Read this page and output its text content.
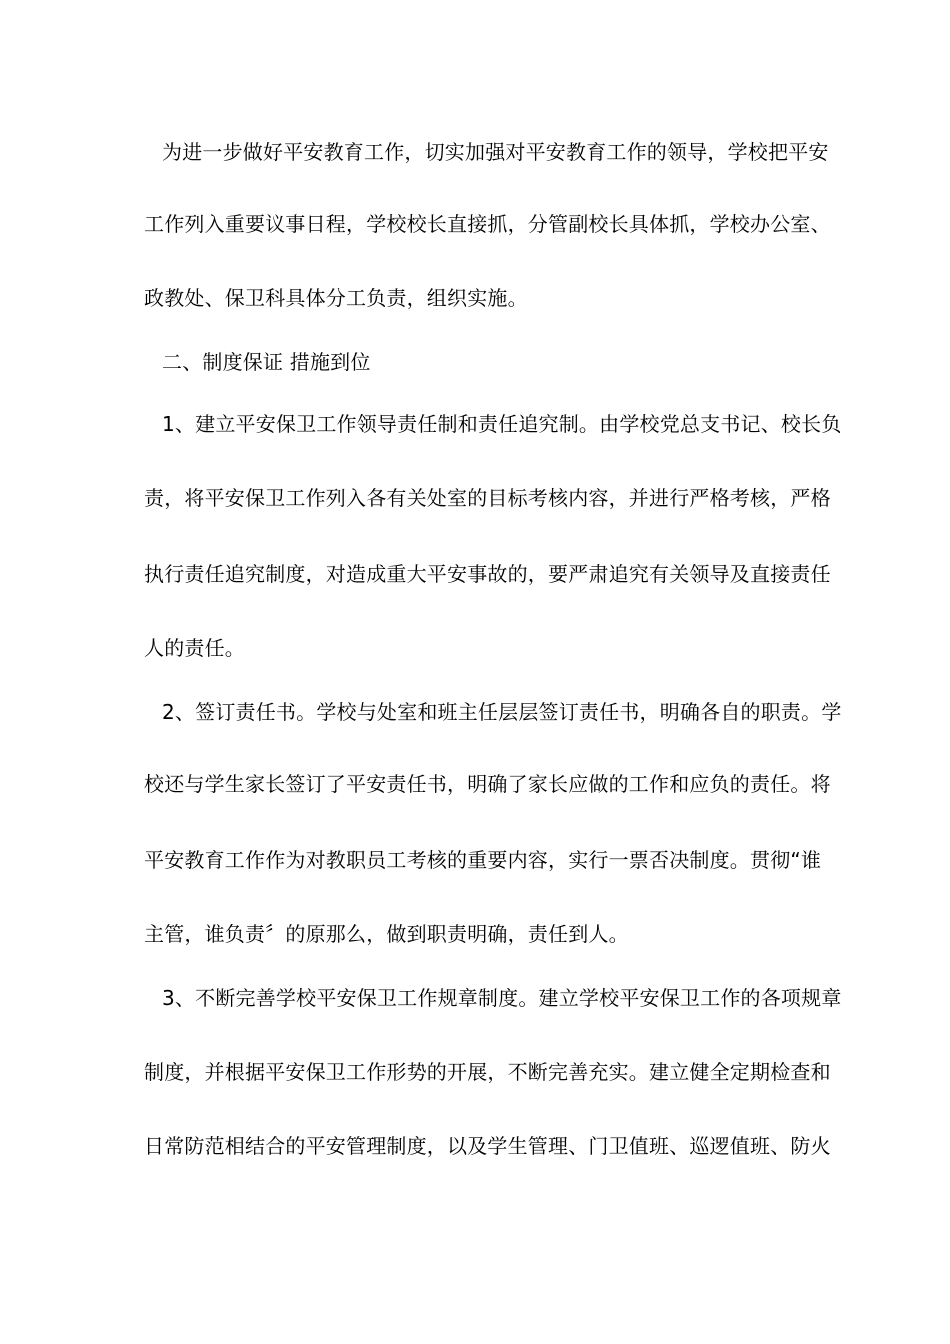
为进一步做好平安教育工作，切实加强对平安教育工作的领导，学校把平安
工作列入重要议事日程，学校校长直接抓，分管副校长具体抓，学校办公室、
政教处、保卫科具体分工负责，组织实施。
二、制度保证 措施到位
1、建立平安保卫工作领导责任制和责任追究制。由学校党总支书记、校长负
责，将平安保卫工作列入各有关处室的目标考核内容，并进行严格考核，严格
执行责任追究制度，对造成重大平安事故的，要严肃追究有关领导及直接责任
人的责任。
2、签订责任书。学校与处室和班主任层层签订责任书，明确各自的职责。学
校还与学生家长签订了平安责任书，明确了家长应做的工作和应负的责任。将
平安教育工作作为对教职员工考核的重要内容，实行一票否决制度。贯彻“谁
主管，谁负责〞的原那么，做到职责明确，责任到人。
3、不断完善学校平安保卫工作规章制度。建立学校平安保卫工作的各项规章
制度，并根据平安保卫工作形势的开展，不断完善充实。建立健全定期检查和
日常防范相结合的平安管理制度，以及学生管理、门卫值班、巡逻值班、防火
